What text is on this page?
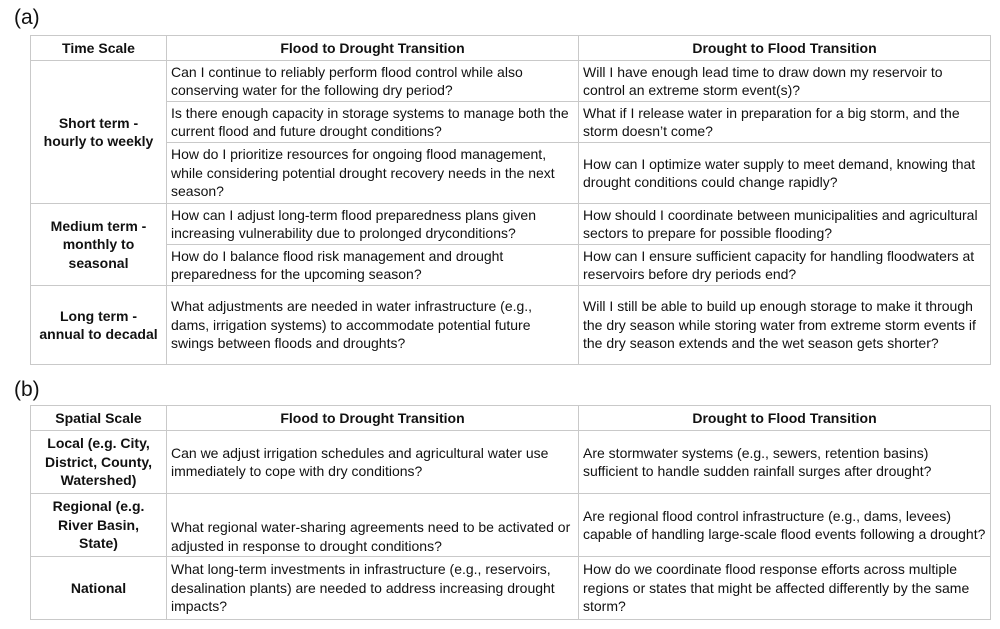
(a)
Time Scale	Flood to Drought Transition	Drought to Flood Transition
Short term - hourly to weekly	Can I continue to reliably perform flood control while also conserving water for the following dry period?	Will I have enough lead time to draw down my reservoir to control an extreme storm event(s)?
	Is there enough capacity in storage systems to manage both the current flood and future drought conditions?	What if I release water in preparation for a big storm, and the storm doesn’t come?
	How do I prioritize resources for ongoing flood management, while considering potential drought recovery needs in the next season?	How can I optimize water supply to meet demand, knowing that drought conditions could change rapidly?
Medium term - monthly to seasonal	How can I adjust long-term flood preparedness plans given increasing vulnerability due to prolonged dryconditions?	How should I coordinate between municipalities and agricultural sectors to prepare for possible flooding?
	How do I balance flood risk management and drought preparedness for the upcoming season?	How can I ensure sufficient capacity for handling floodwaters at reservoirs before dry periods end?
Long term - annual to decadal	What adjustments are needed in water infrastructure (e.g., dams, irrigation systems) to accommodate potential future swings between floods and droughts?	Will I still be able to build up enough storage to make it through the dry season while storing water from extreme storm events if the dry season extends and the wet season gets shorter?
(b)
Spatial Scale	Flood to Drought Transition	Drought to Flood Transition
Local (e.g. City, District, County, Watershed)	Can we adjust irrigation schedules and agricultural water use immediately to cope with dry conditions?	Are stormwater systems (e.g., sewers, retention basins) sufficient to handle sudden rainfall surges after drought?
Regional (e.g. River Basin, State)	What regional water-sharing agreements need to be activated or adjusted in response to drought conditions?	Are regional flood control infrastructure (e.g., dams, levees) capable of handling large-scale flood events following a drought?
National	What long-term investments in infrastructure (e.g., reservoirs, desalination plants) are needed to address increasing drought impacts?	How do we coordinate flood response efforts across multiple regions or states that might be affected differently by the same storm?
